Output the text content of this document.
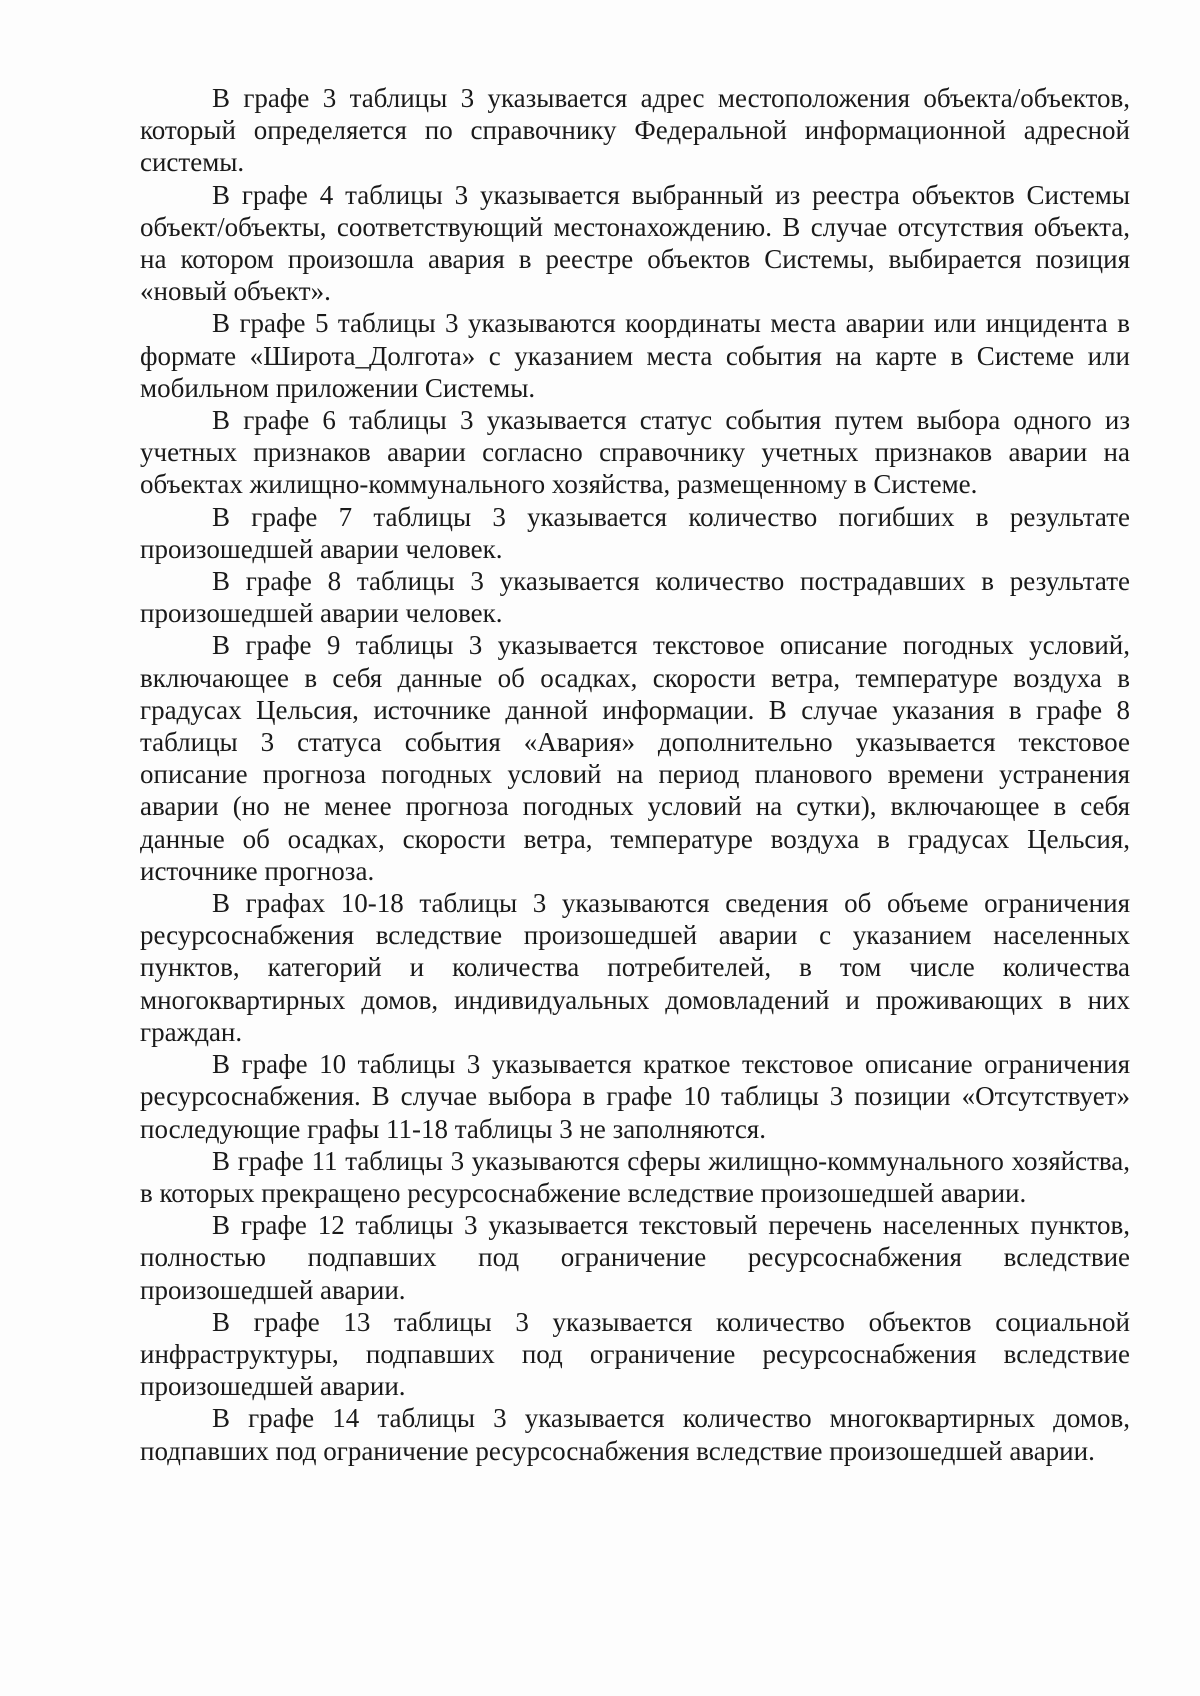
В графе 3 таблицы 3 указывается адрес местоположения объекта/объектов, который определяется по справочнику Федеральной информационной адресной системы.

В графе 4 таблицы 3 указывается выбранный из реестра объектов Системы объект/объекты, соответствующий местонахождению. В случае отсутствия объекта, на котором произошла авария в реестре объектов Системы, выбирается позиция «новый объект».

В графе 5 таблицы 3 указываются координаты места аварии или инцидента в формате «Широта_Долгота» с указанием места события на карте в Системе или мобильном приложении Системы.

В графе 6 таблицы 3 указывается статус события путем выбора одного из учетных признаков аварии согласно справочнику учетных признаков аварии на объектах жилищно-коммунального хозяйства, размещенному в Системе.

В графе 7 таблицы 3 указывается количество погибших в результате произошедшей аварии человек.

В графе 8 таблицы 3 указывается количество пострадавших в результате произошедшей аварии человек.

В графе 9 таблицы 3 указывается текстовое описание погодных условий, включающее в себя данные об осадках, скорости ветра, температуре воздуха в градусах Цельсия, источнике данной информации. В случае указания в графе 8 таблицы 3 статуса события «Авария» дополнительно указывается текстовое описание прогноза погодных условий на период планового времени устранения аварии (но не менее прогноза погодных условий на сутки), включающее в себя данные об осадках, скорости ветра, температуре воздуха в градусах Цельсия, источнике прогноза.

В графах 10-18 таблицы 3 указываются сведения об объеме ограничения ресурсоснабжения вследствие произошедшей аварии с указанием населенных пунктов, категорий и количества потребителей, в том числе количества многоквартирных домов, индивидуальных домовладений и проживающих в них граждан.

В графе 10 таблицы 3 указывается краткое текстовое описание ограничения ресурсоснабжения. В случае выбора в графе 10 таблицы 3 позиции «Отсутствует» последующие графы 11-18 таблицы 3 не заполняются.

В графе 11 таблицы 3 указываются сферы жилищно-коммунального хозяйства, в которых прекращено ресурсоснабжение вследствие произошедшей аварии.

В графе 12 таблицы 3 указывается текстовый перечень населенных пунктов, полностью подпавших под ограничение ресурсоснабжения вследствие произошедшей аварии.

В графе 13 таблицы 3 указывается количество объектов социальной инфраструктуры, подпавших под ограничение ресурсоснабжения вследствие произошедшей аварии.

В графе 14 таблицы 3 указывается количество многоквартирных домов, подпавших под ограничение ресурсоснабжения вследствие произошедшей аварии.
